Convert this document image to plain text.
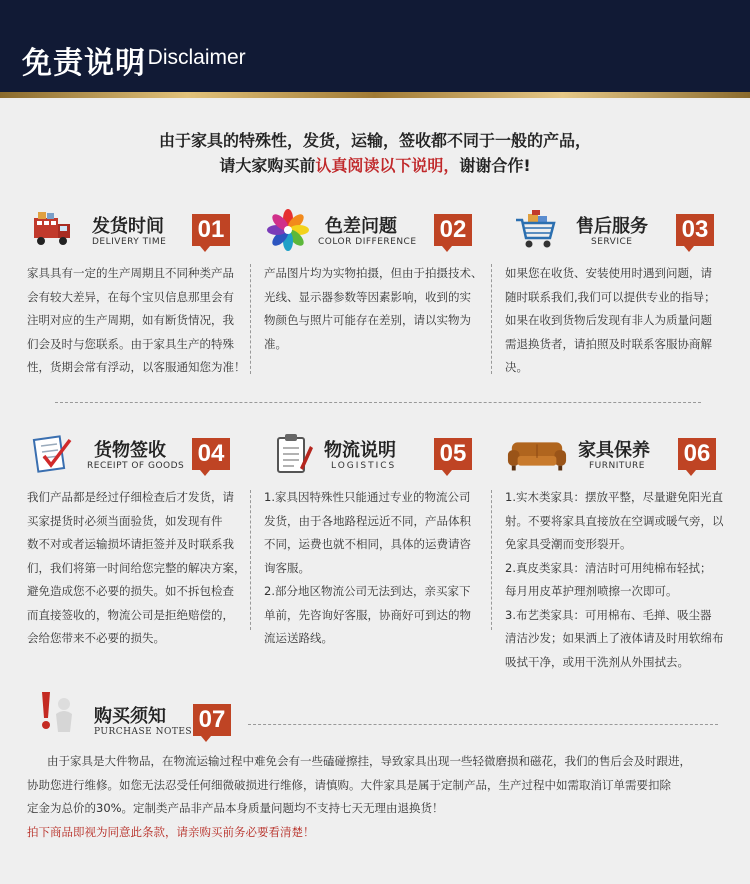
免责说明
/ Disclaimer
由于家具的特殊性，发货，运输，签收都不同于一般的产品，
请大家购买前认真阅读以下说明，谢谢合作!
发货时间
DELIVERY TIME 01
家具具有一定的生产周期且不同种类产品
会有较大差异，在每个宝贝信息那里会有
注明对应的生产周期，如有断货情况，我
们会及时与您联系。由于家具生产的特殊
性，货期会常有浮动，以客服通知您为准！
色差问题
COLOR DIFFERENCE 02
产品图片均为实物拍摄，但由于拍摄技术、
光线、显示器参数等因素影响，收到的实
物颜色与照片可能存在差别，请以实物为
准。
售后服务
SERVICE 03
如果您在收货、安装使用时遇到问题，请
随时联系我们,我们可以提供专业的指导；
如果在收到货物后发现有非人为质量问题
需退换货者，请拍照及时联系客服协商解
决。
货物签收
RECEIPT OF GOODS 04
我们产品都是经过仔细检查后才发货，请
买家提货时必须当面验货，如发现有件
数不对或者运输损坏请拒签并及时联系我
们，我们将第一时间给您完整的解决方案，
避免造成您不必要的损失。如不拆包检查
而直接签收的，物流公司是拒绝赔偿的，
会给您带来不必要的损失。
物流说明
LOGISTICS 05
1.家具因特殊性只能通过专业的物流公司
发货，由于各地路程远近不同，产品体积
不同，运费也就不相同，具体的运费请咨
询客服。
2.部分地区物流公司无法到达，亲买家下
单前，先咨询好客服，协商好可到达的物
流运送路线。
家具保养
FURNITURE 06
1.实木类家具：摆放平整，尽量避免阳光直
射。不要将家具直接放在空调或暖气旁，以
免家具受潮而变形裂开。
2.真皮类家具：清洁时可用纯棉布轻拭；
每月用皮革护理剂喷擦一次即可。
3.布艺类家具：可用棉布、毛掸、吸尘器
清洁沙发；如果洒上了液体请及时用软绵布
吸拭干净，或用干洗剂从外围拭去。
购买须知
PURCHASE NOTES 07
由于家具是大件物品，在物流运输过程中难免会有一些磕碰擦挂，导致家具出现一些轻微磨损和磁花，我们的售后会及时跟进，
协助您进行维修。如您无法忍受任何细微破损进行维修，请慎购。大件家具是属于定制产品，生产过程中如需取消订单需要扣除
定金为总价的30%。定制类产品非产品本身质量问题均不支持七天无理由退换货！
拍下商品即视为同意此条款，请亲购买前务必要看清楚！
